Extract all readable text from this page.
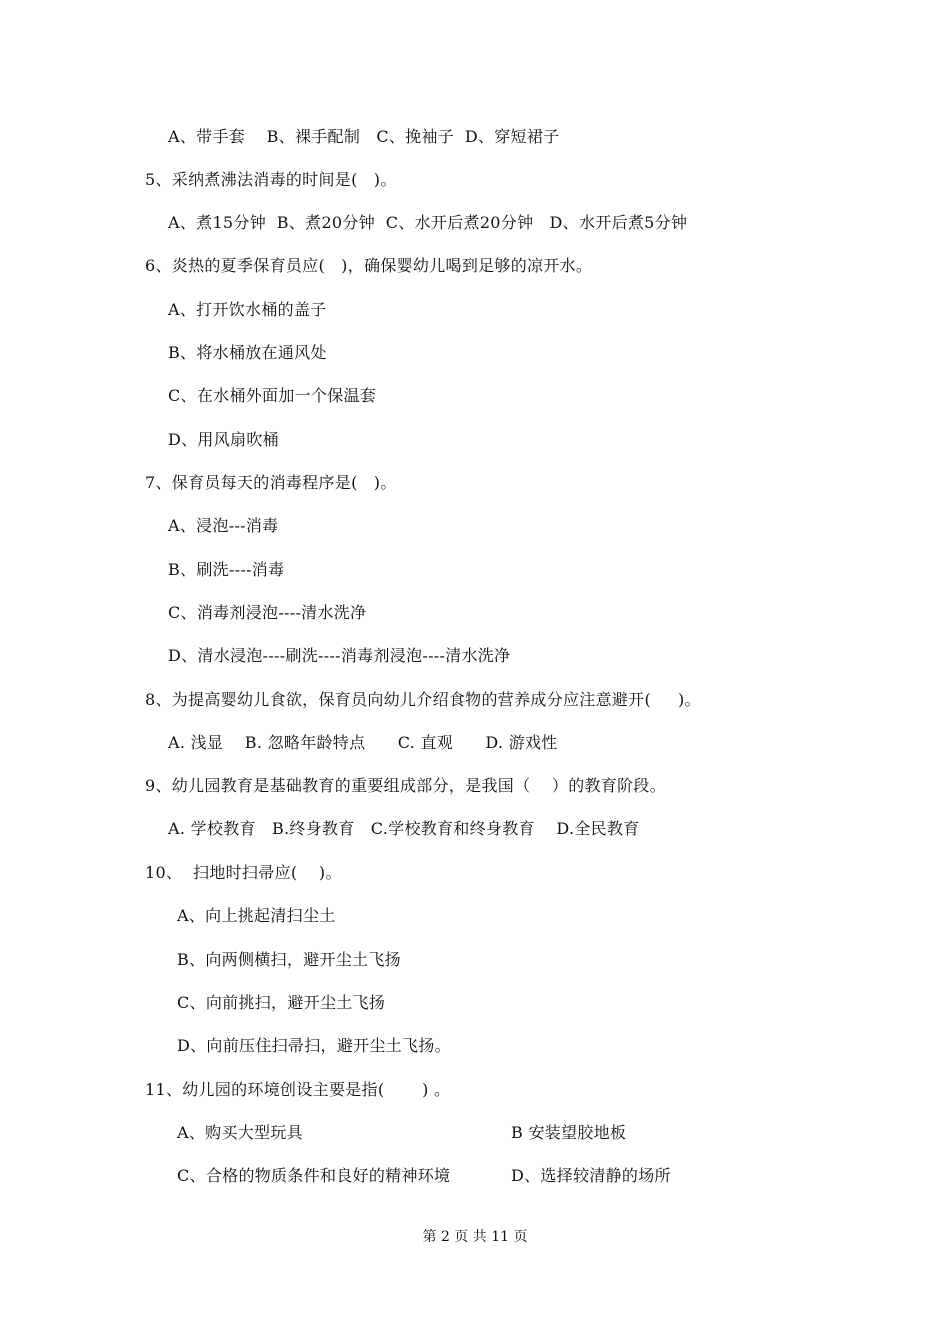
A、带手套    B、裸手配制   C、挽袖子  D、穿短裙子
5、采纳煮沸法消毒的时间是(   )。
A、煮15分钟  B、煮20分钟  C、水开后煮20分钟   D、水开后煮5分钟
6、炎热的夏季保育员应(   )，确保婴幼儿喝到足够的凉开水。
A、打开饮水桶的盖子
B、将水桶放在通风处
C、在水桶外面加一个保温套
D、用风扇吹桶
7、保育员每天的消毒程序是(   )。
A、浸泡---消毒
B、刷洗----消毒
C、消毒剂浸泡----清水洗净
D、清水浸泡----刷洗----消毒剂浸泡----清水洗净
8、为提高婴幼儿食欲，保育员向幼儿介绍食物的营养成分应注意避开(     )。
A. 浅显    B. 忽略年龄特点      C. 直观      D. 游戏性
9、幼儿园教育是基础教育的重要组成部分，是我国（    ）的教育阶段。
A. 学校教育   B.终身教育   C.学校教育和终身教育    D.全民教育
10、  扫地时扫帚应(    )。
A、向上挑起清扫尘土
B、向两侧横扫，避开尘土飞扬
C、向前挑扫，避开尘土飞扬
D、向前压住扫帚扫，避开尘土飞扬。
11、幼儿园的环境创设主要是指(       ) 。
A、购买大型玩具	B 安装望胶地板
C、合格的物质条件和良好的精神环境	D、选择较清静的场所
第 2 页 共 11 页
